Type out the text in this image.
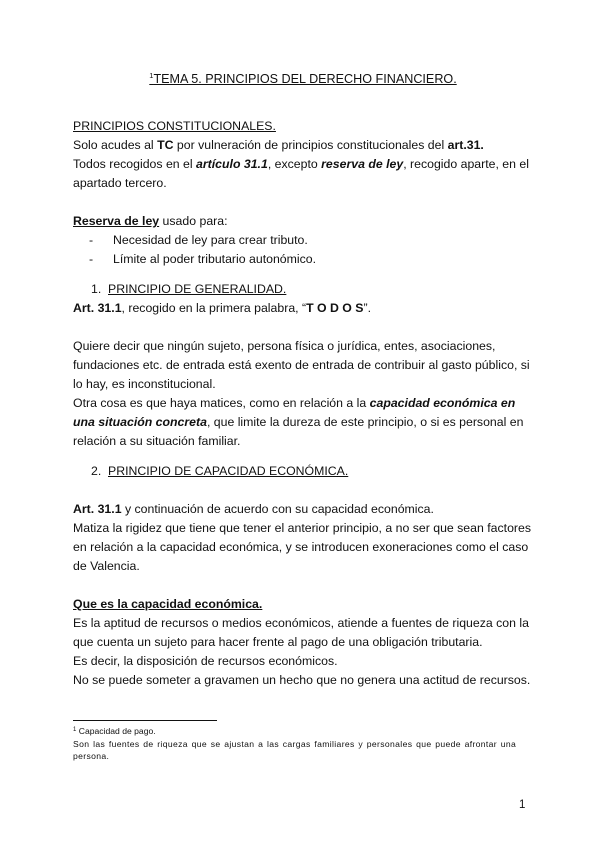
$^1$TEMA 5. PRINCIPIOS DEL DERECHO FINANCIERO.

PRINCIPIOS CONSTITUCIONALES.

Solo acudes al TC por vulneración de principios constitucionales del art.31.

Todos recogidos en el artículo 31.1, excepto reserva de ley, recogido aparte, en el apartado tercero.

Reserva de ley usado para:

- Necesidad de ley para crear tributo.
- Límite al poder tributario autonómico.

1. PRINCIPIO DE GENERALIDAD.

Art. 31.1, recogido en la primera palabra, “T O D O S”.

Quiere decir que ningún sujeto, persona física o jurídica, entes, asociaciones, fundaciones etc. de entrada está exento de entrada de contribuir al gasto público, si lo hay, es inconstitucional.

Otra cosa es que haya matices, como en relación a la capacidad económica en una situación concreta, que limite la dureza de este principio, o si es personal en relación a su situación familiar.

2. PRINCIPIO DE CAPACIDAD ECONÓMICA.

Art. 31.1 y continuación de acuerdo con su capacidad económica.

Matiza la rigidez que tiene que tener el anterior principio, a no ser que sean factores en relación a la capacidad económica, y se introducen exoneraciones como el caso de Valencia.

Que es la capacidad económica.

Es la aptitud de recursos o medios económicos, atiende a fuentes de riqueza con la que cuenta un sujeto para hacer frente al pago de una obligación tributaria.

Es decir, la disposición de recursos económicos.

No se puede someter a gravamen un hecho que no genera una actitud de recursos.

$^1$ Capacidad de pago.
Son las fuentes de riqueza que se ajustan a las cargas familiares y personales que puede afrontar una persona.
1
